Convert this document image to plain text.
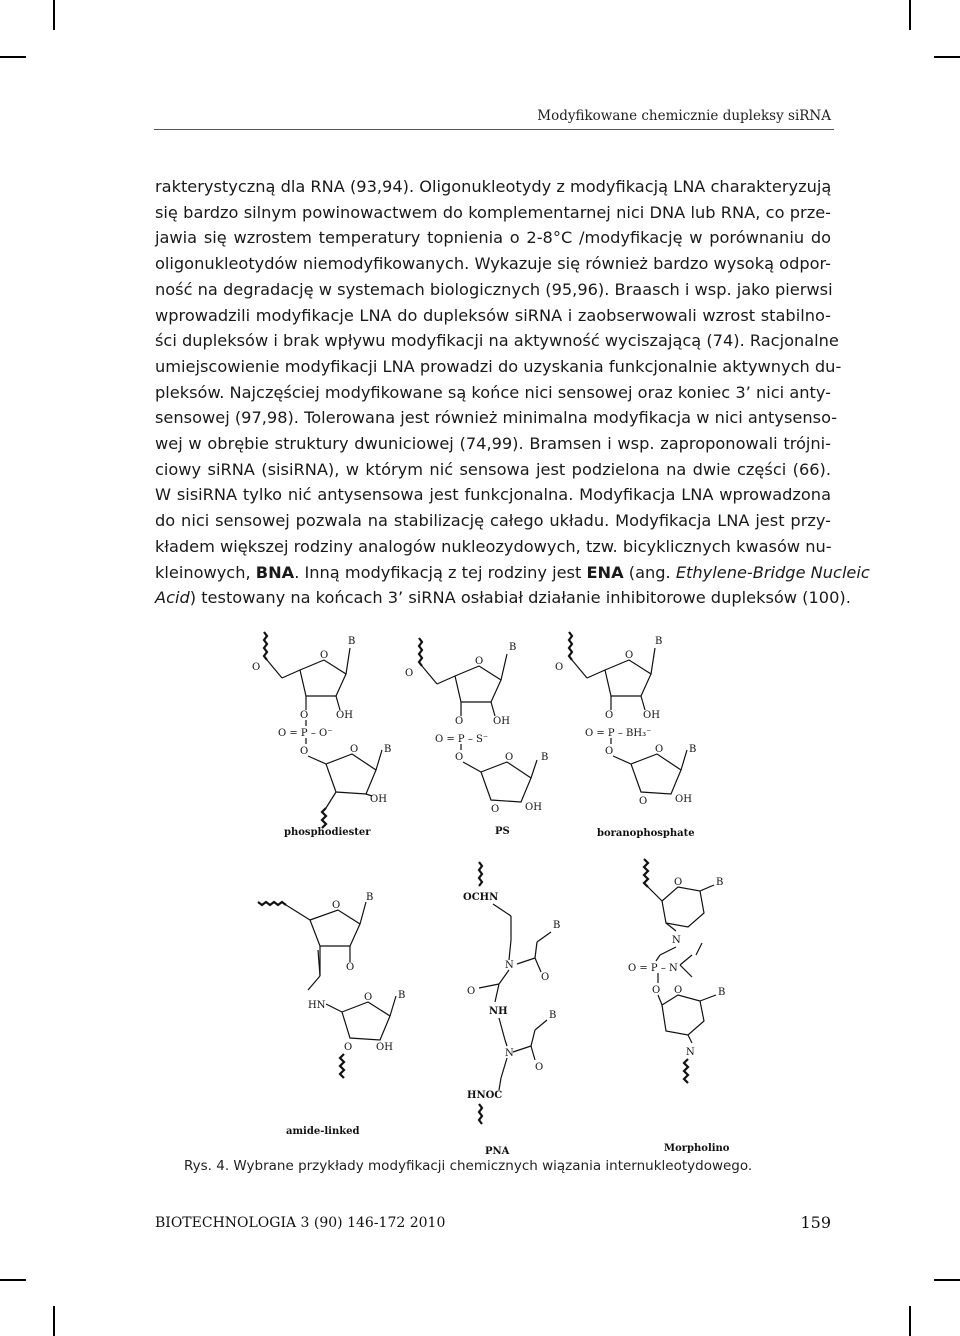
Modyfikowane chemicznie dupleksy siRNA
rakterystyczną dla RNA (93,94). Oligonukleotydy z modyfikacją LNA charakteryzują
się bardzo silnym powinowactwem do komplementarnej nici DNA lub RNA, co prze-
jawia się wzrostem temperatury topnienia o 2-8°C /modyfikację w porównaniu do
oligonukleotydów niemodyfikowanych. Wykazuje się również bardzo wysoką odpor-
ność na degradację w systemach biologicznych (95,96). Braasch i wsp. jako pierwsi
wprowadzili modyfikacje LNA do dupleksów siRNA i zaobserwowali wzrost stabilno-
ści dupleksów i brak wpływu modyfikacji na aktywność wyciszającą (74). Racjonalne
umiejscowienie modyfikacji LNA prowadzi do uzyskania funkcjonalnie aktywnych du-
pleksów. Najczęściej modyfikowane są końce nici sensowej oraz koniec 3’ nici anty-
sensowej (97,98). Tolerowana jest również minimalna modyfikacja w nici antysenso-
wej w obrębie struktury dwuniciowej (74,99). Bramsen i wsp. zaproponowali trójni-
ciowy siRNA (sisiRNA), w którym nić sensowa jest podzielona na dwie części (66).
W sisiRNA tylko nić antysensowa jest funkcjonalna. Modyfikacja LNA wprowadzona
do nici sensowej pozwala na stabilizację całego układu. Modyfikacja LNA jest przy-
kładem większej rodziny analogów nukleozydowych, tzw. bicyklicznych kwasów nu-
kleinowych, BNA. Inną modyfikacją z tej rodziny jest ENA (ang. Ethylene-Bridge Nucleic
Acid) testowany na końcach 3’ siRNA osłabiał działanie inhibitorowe dupleksów (100).
O
O
B
O	OH
O = P – O⁻
O	O	B
OH
phosphodiester
O
O
B
O	OH
O = P – S⁻
O	O	B
OH
O
PS
O
O
B
O	OH
O = P – BH₃⁻
O	O	B
OH
O
boranophosphate
O
B
O
HN
O	B
OH
O
amide-linked
OCHN
N
B
O
O
NH
N
B
O
HNOC
PNA
O	B
N
O = P – N
O O	B
N
Morpholino
Rys. 4. Wybrane przykłady modyfikacji chemicznych wiązania internukleotydowego.
BIOTECHNOLOGIA 3 (90) 146-172 2010	159
